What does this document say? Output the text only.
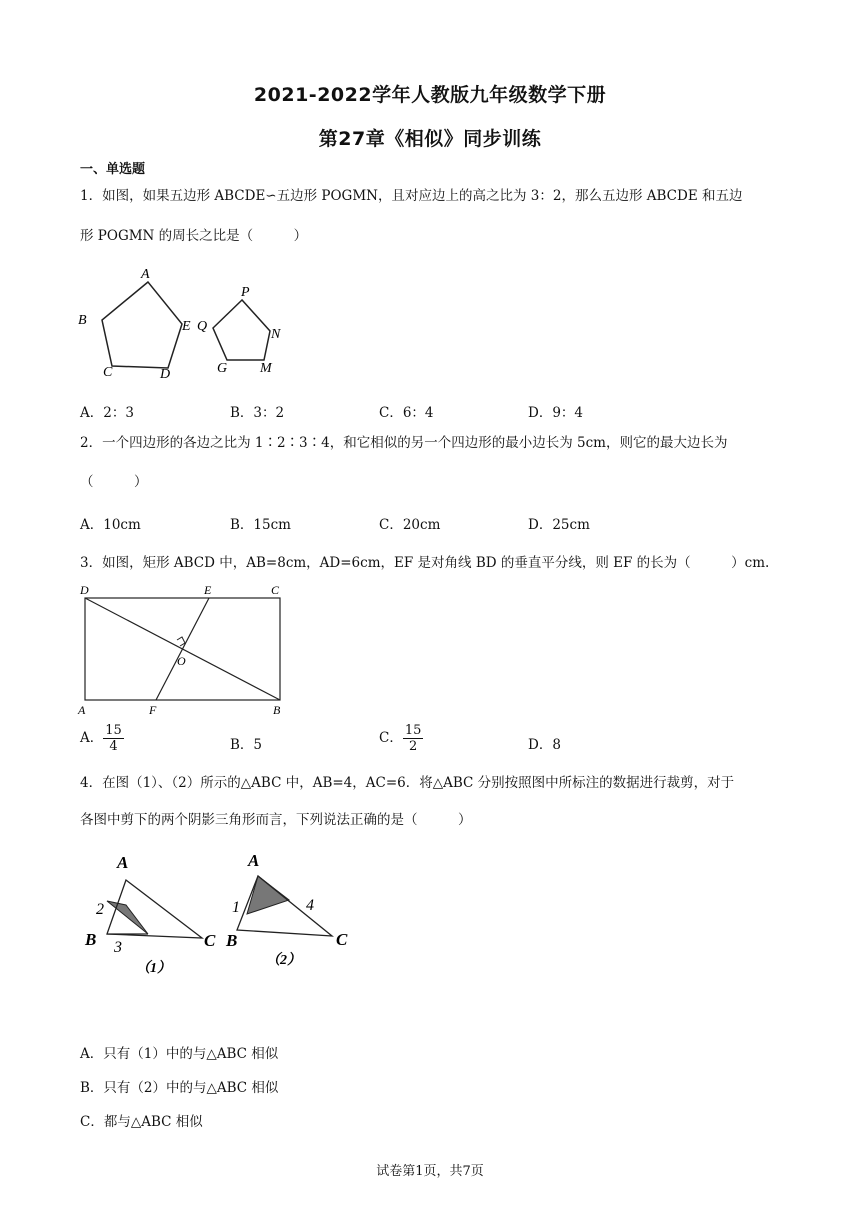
2021-2022学年人教版九年级数学下册
第27章《相似》同步训练
一、单选题
1．如图，如果五边形 ABCDE∽五边形 POGMN，且对应边上的高之比为 3：2，那么五边形 ABCDE 和五边
形 POGMN 的周长之比是（　　　）
A
B
C	D
E
P
Q
N
G M
A．2：3	B．3：2	C．6：4	D．9：4
2．一个四边形的各边之比为 1∶2∶3∶4，和它相似的另一个四边形的最小边长为 5cm，则它的最大边长为
（　　　）
A．10cm	B．15cm	C．20cm	D．25cm
3．如图，矩形 ABCD 中，AB=8cm，AD=6cm，EF 是对角线 BD 的垂直平分线，则 EF 的长为（　　　）cm.
D	E	C
O
A	F	B
A． $\frac{15}{4}$	B．5	C． $\frac{15}{2}$	D．8
4．在图（1）、（2）所示的△ABC 中，AB=4，AC=6．将△ABC 分别按照图中所标注的数据进行裁剪，对于
各图中剪下的两个阴影三角形而言，下列说法正确的是（　　　）
A
2
B 3	C
（1）
A
1	4
B	C
（2）
A．只有（1）中的与△ABC 相似
B．只有（2）中的与△ABC 相似
C．都与△ABC 相似
试卷第1页，共7页
